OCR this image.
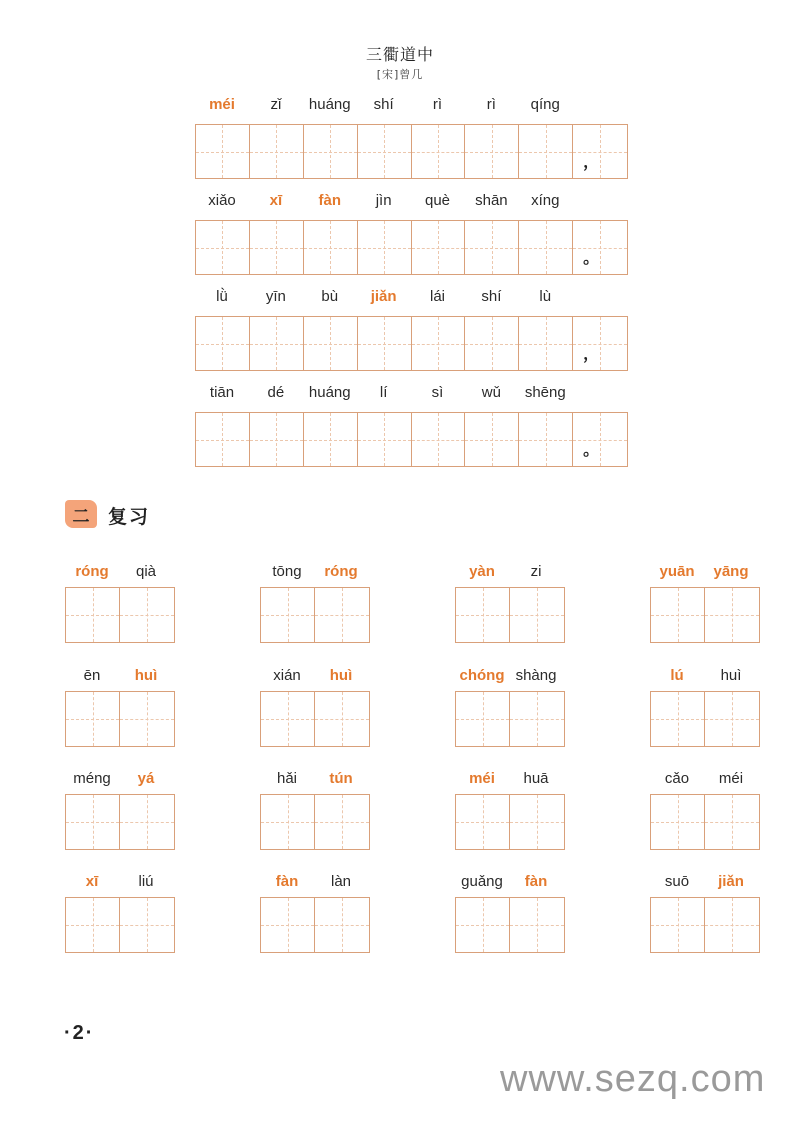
三衢道中
[宋]曾几
méi	zǐ	huáng	shí	rì	rì	qíng
，
xiǎo	xī	fàn	jìn	què	shān	xíng
。
lǜ	yīn	bù	jiǎn	lái	shí	lù
，
tiān	dé	huáng	lí	sì	wǔ	shēng
。
二 复习
róng	qià	tōng	róng	yàn	zi	yuān	yāng
ēn	huì	xián	huì	chóng shàng	lú	huì
méng	yá	hǎi	tún	méi	huā	cǎo	méi
xī	liú	fàn	làn	guǎng	fàn	suō	jiǎn
·2·
www.sezq.com
